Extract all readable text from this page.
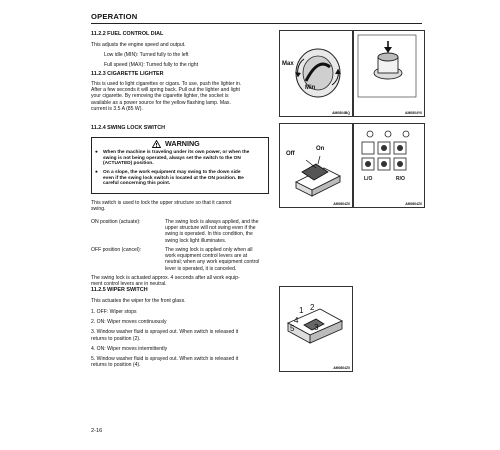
OPERATION
11.2.2 FUEL CONTROL DIAL
This adjusts the engine speed and output.
Low idle (MIN): Turned fully to the left
Full speed (MAX): Turned fully to the right
11.2.3 CIGARETTE LIGHTER
This is used to light cigarettes or cigars. To use, push the lighter in.
After a few seconds it will spring back. Pull out the lighter and light
your cigarette. By removing the cigarette lighter, the socket is
available as a power source for the yellow flashing lamp. Max.
current is 3.5 A (85 W).
Max
Min
AM0804BQ	AM0804Y0
11.2.4 SWING LOCK SWITCH
WARNING
●	When the machine is traveling under its own power, or when the
swing is not being operated, always set the switch to the ON
(ACTUATED) position.
●	On a slope, the work equipment may swing to the down side
even if the swing lock switch is located at the ON position. Be
careful concerning this point.
This switch is used to lock the upper structure so that it cannot
swing.
ON position (actuate):	The swing lock is always applied, and the
upper structure will not swing even if the
swing is operated. In this condition, the
swing lock light illuminates.
OFF position (cancel):	The swing lock is applied only when all
work equipment control levers are at
neutral; when any work equipment control
lever is operated, it is canceled.
The swing lock is actuated approx. 4 seconds after all work equip-
ment control levers are in neutral.
Off
On
AM0804Z0
L/O	R/O
AM0804Z0
11.2.5 WIPER SWITCH
This actuates the wiper for the front glass.
1. OFF: Wiper stops
2. ON: Wiper moves continuously
3. Window washer fluid is sprayed out. When switch is released it
returns to position (2).
4. ON: Wiper moves intermittently
5. Window washer fluid is sprayed out. When switch is released it
returns to position (4).
1 2
3
4
5
AM0804Z0
2-16
